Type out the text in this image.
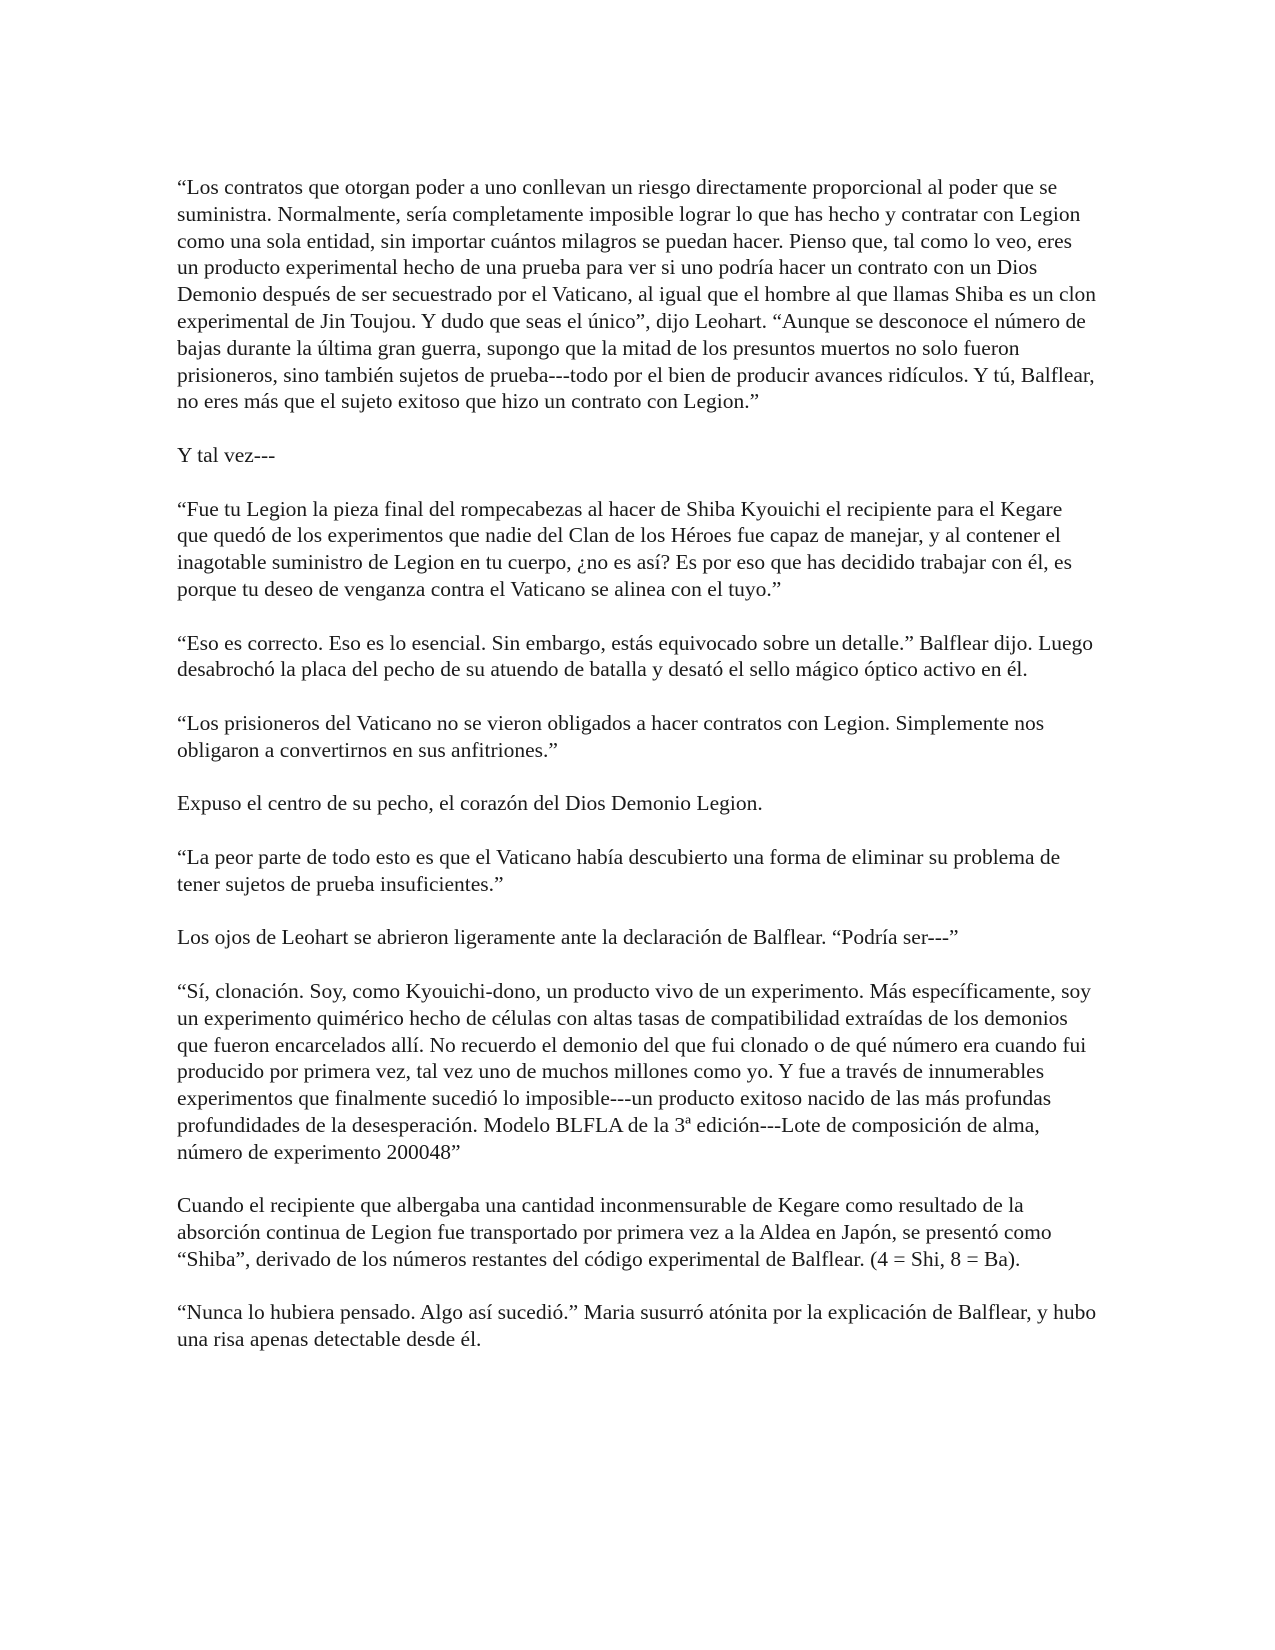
“Los contratos que otorgan poder a uno conllevan un riesgo directamente proporcional al poder que se suministra. Normalmente, sería completamente imposible lograr lo que has hecho y contratar con Legion como una sola entidad, sin importar cuántos milagros se puedan hacer. Pienso que, tal como lo veo, eres un producto experimental hecho de una prueba para ver si uno podría hacer un contrato con un Dios Demonio después de ser secuestrado por el Vaticano, al igual que el hombre al que llamas Shiba es un clon experimental de Jin Toujou. Y dudo que seas el único”, dijo Leohart. “Aunque se desconoce el número de bajas durante la última gran guerra, supongo que la mitad de los presuntos muertos no solo fueron prisioneros, sino también sujetos de prueba---todo por el bien de producir avances ridículos. Y tú, Balflear, no eres más que el sujeto exitoso que hizo un contrato con Legion.”

Y tal vez---

“Fue tu Legion la pieza final del rompecabezas al hacer de Shiba Kyouichi el recipiente para el Kegare que quedó de los experimentos que nadie del Clan de los Héroes fue capaz de manejar, y al contener el inagotable suministro de Legion en tu cuerpo, ¿no es así? Es por eso que has decidido trabajar con él, es porque tu deseo de venganza contra el Vaticano se alinea con el tuyo.”

“Eso es correcto. Eso es lo esencial. Sin embargo, estás equivocado sobre un detalle.” Balflear dijo. Luego desabrochó la placa del pecho de su atuendo de batalla y desató el sello mágico óptico activo en él.

“Los prisioneros del Vaticano no se vieron obligados a hacer contratos con Legion. Simplemente nos obligaron a convertirnos en sus anfitriones.”

Expuso el centro de su pecho, el corazón del Dios Demonio Legion.

“La peor parte de todo esto es que el Vaticano había descubierto una forma de eliminar su problema de tener sujetos de prueba insuficientes.”

Los ojos de Leohart se abrieron ligeramente ante la declaración de Balflear. “Podría ser---”

“Sí, clonación. Soy, como Kyouichi-dono, un producto vivo de un experimento. Más específicamente, soy un experimento quimérico hecho de células con altas tasas de compatibilidad extraídas de los demonios que fueron encarcelados allí. No recuerdo el demonio del que fui clonado o de qué número era cuando fui producido por primera vez, tal vez uno de muchos millones como yo. Y fue a través de innumerables experimentos que finalmente sucedió lo imposible---un producto exitoso nacido de las más profundas profundidades de la desesperación. Modelo BLFLA de la 3ª edición---Lote de composición de alma, número de experimento 200048”

Cuando el recipiente que albergaba una cantidad inconmensurable de Kegare como resultado de la absorción continua de Legion fue transportado por primera vez a la Aldea en Japón, se presentó como “Shiba”, derivado de los números restantes del código experimental de Balflear. (4 = Shi, 8 = Ba).

“Nunca lo hubiera pensado. Algo así sucedió.” Maria susurró atónita por la explicación de Balflear, y hubo una risa apenas detectable desde él.
